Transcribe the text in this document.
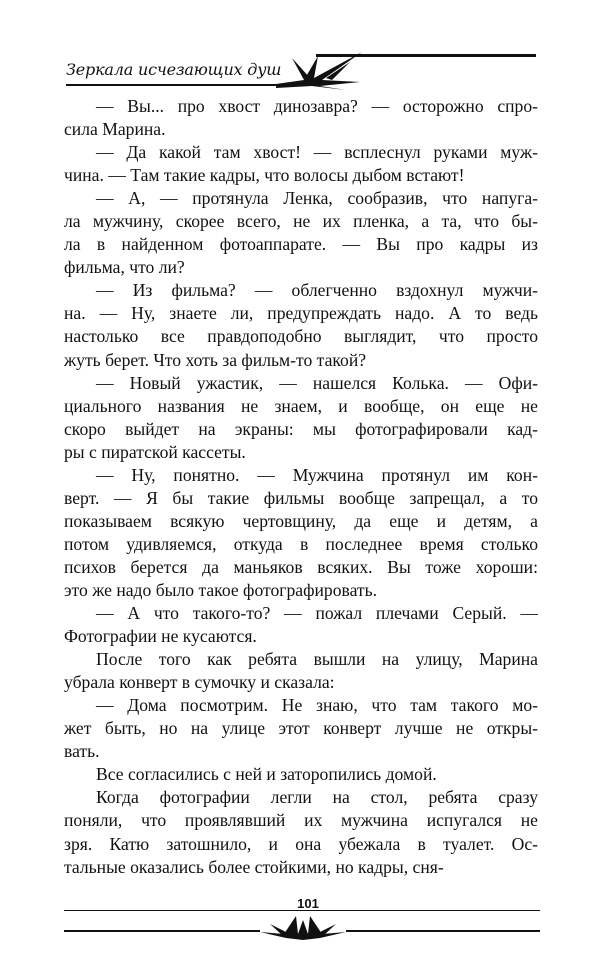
Зеркала исчезающих душ
— Вы... про хвост динозавра? — осторожно спро-
сила Марина.
— Да какой там хвост! — всплеснул руками муж-
чина. — Там такие кадры, что волосы дыбом встают!
— А, — протянула Ленка, сообразив, что напуга-
ла мужчину, скорее всего, не их пленка, а та, что бы-
ла в найденном фотоаппарате. — Вы про кадры из
фильма, что ли?
— Из фильма? — облегченно вздохнул мужчи-
на. — Ну, знаете ли, предупреждать надо. А то ведь
настолько все правдоподобно выглядит, что просто
жуть берет. Что хоть за фильм-то такой?
— Новый ужастик, — нашелся Колька. — Офи-
циального названия не знаем, и вообще, он еще не
скоро выйдет на экраны: мы фотографировали кад-
ры с пиратской кассеты.
— Ну, понятно. — Мужчина протянул им кон-
верт. — Я бы такие фильмы вообще запрещал, а то
показываем всякую чертовщину, да еще и детям, а
потом удивляемся, откуда в последнее время столько
психов берется да маньяков всяких. Вы тоже хороши:
это же надо было такое фотографировать.
— А что такого-то? — пожал плечами Серый. —
Фотографии не кусаются.
После того как ребята вышли на улицу, Марина
убрала конверт в сумочку и сказала:
— Дома посмотрим. Не знаю, что там такого мо-
жет быть, но на улице этот конверт лучше не откры-
вать.
Все согласились с ней и заторопились домой.
Когда фотографии легли на стол, ребята сразу
поняли, что проявлявший их мужчина испугался не
зря. Катю затошнило, и она убежала в туалет. Ос-
тальные оказались более стойкими, но кадры, сня-
101
